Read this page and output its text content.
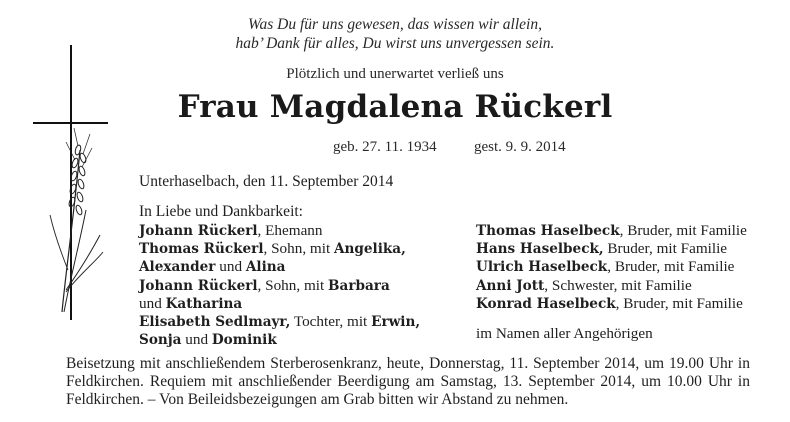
Was Du für uns gewesen, das wissen wir allein,
hab’ Dank für alles, Du wirst uns unvergessen sein.
Plötzlich und unerwartet verließ uns
Frau Magdalena Rückerl
geb. 27. 11. 1934 gest. 9. 9. 2014
Unterhaselbach, den 11. September 2014
In Liebe und Dankbarkeit:
Johann Rückerl, Ehemann
Thomas Rückerl, Sohn, mit Angelika,
Alexander und Alina
Johann Rückerl, Sohn, mit Barbara
und Katharina
Elisabeth Sedlmayr, Tochter, mit Erwin,
Sonja und Dominik
Thomas Haselbeck, Bruder, mit Familie
Hans Haselbeck, Bruder, mit Familie
Ulrich Haselbeck, Bruder, mit Familie
Anni Jott, Schwester, mit Familie
Konrad Haselbeck, Bruder, mit Familie
im Namen aller Angehörigen
Beisetzung mit anschließendem Sterberosenkranz, heute, Donnerstag, 11. September 2014, um 19.00 Uhr in Feldkirchen. Requiem mit anschließender Beerdigung am Samstag, 13. September 2014, um 10.00 Uhr in Feldkirchen. – Von Beileidsbezeigungen am Grab bitten wir Abstand zu nehmen.
